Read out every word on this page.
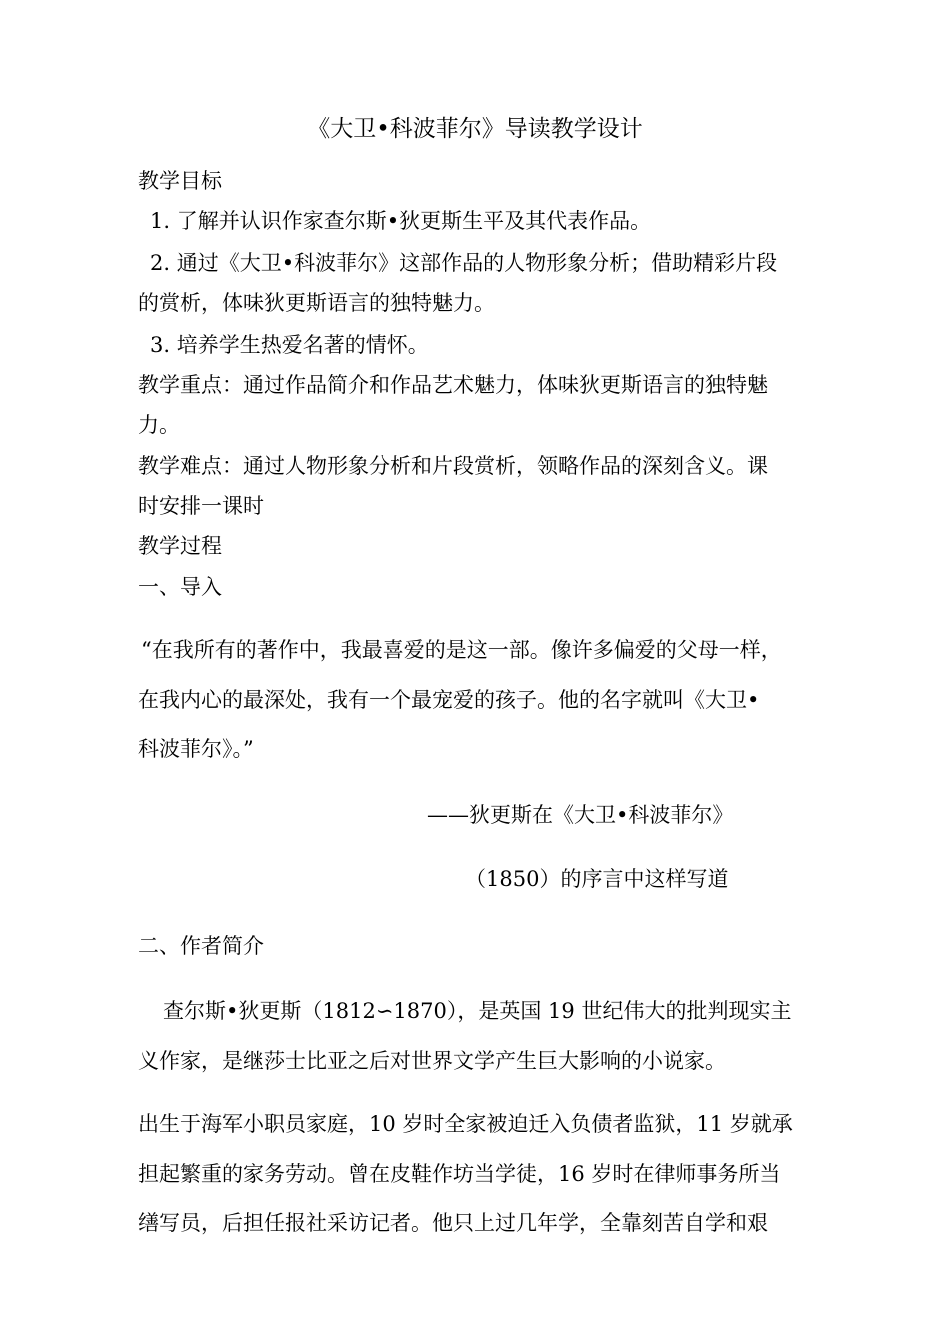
《大卫•科波菲尔》导读教学设计
教学目标
1. 了解并认识作家查尔斯•狄更斯生平及其代表作品。
2. 通过《大卫•科波菲尔》这部作品的人物形象分析；借助精彩片段
的赏析，体味狄更斯语言的独特魅力。
3. 培养学生热爱名著的情怀。
教学重点：通过作品简介和作品艺术魅力，体味狄更斯语言的独特魅
力。
教学难点：通过人物形象分析和片段赏析，领略作品的深刻含义。课
时安排一课时
教学过程
一、导入
“在我所有的著作中，我最喜爱的是这一部。像许多偏爱的父母一样，
在我内心的最深处，我有一个最宠爱的孩子。他的名字就叫《大卫•
科波菲尔》。”
——狄更斯在《大卫•科波菲尔》
（1850）的序言中这样写道
二、作者简介
查尔斯•狄更斯（1812∽1870），是英国 19 世纪伟大的批判现实主
义作家，是继莎士比亚之后对世界文学产生巨大影响的小说家。
出生于海军小职员家庭，10 岁时全家被迫迁入负债者监狱，11 岁就承
担起繁重的家务劳动。曾在皮鞋作坊当学徒，16 岁时在律师事务所当
缮写员，后担任报社采访记者。他只上过几年学，全靠刻苦自学和艰
